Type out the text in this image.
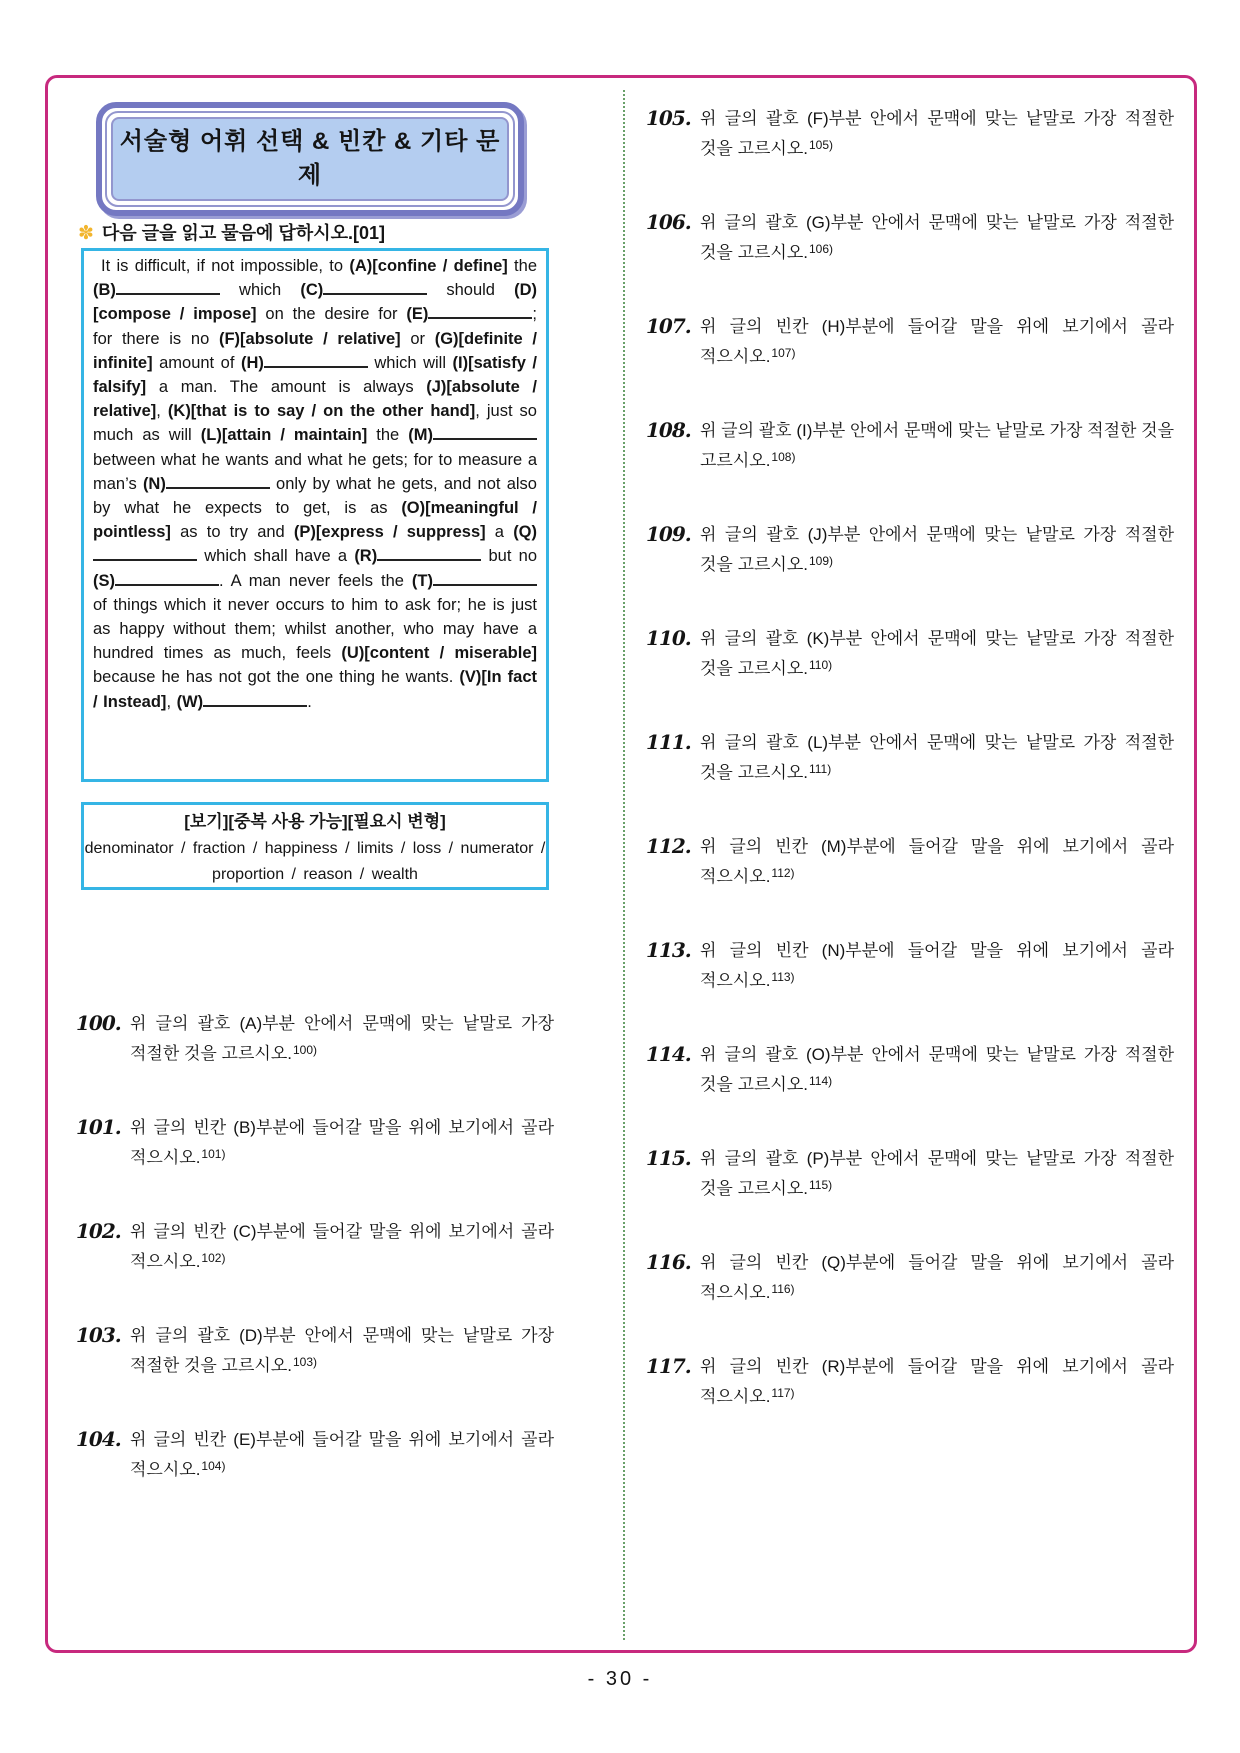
서술형 어휘 선택 & 빈칸 & 기타 문제
✽ 다음 글을 읽고 물음에 답하시오.[01]
It is difficult, if not impossible, to (A)[confine / define] the (B)	which (C)	should (D)[compose / impose] on the desire for (E)	; for there is no (F)[absolute / relative] or (G)[definite / infinite] amount of (H)	which will (I)[satisfy / falsify] a man. The amount is always (J)[absolute / relative], (K)[that is to say / on the other hand], just so much as will (L)[attain / maintain] the (M) between what he wants and what he gets; for to measure a man’s (N)	only by what he gets, and not also by what he expects to get, is as (O)[meaningful / pointless] as to try and (P)[express / suppress] a (Q) which shall have a (R)	but no (S)	. A man never feels the (T) of things which it never occurs to him to ask for; he is just as happy without them; whilst another, who may have a hundred times as much, feels (U)[content / miserable] because he has not got the one thing he wants. (V)[In fact / Instead], (W)	.
[보기][중복 사용 가능][필요시 변형]
denominator / fraction / happiness / limits / loss / numerator / proportion / reason / wealth
100. 위 글의 괄호 (A)부분 안에서 문맥에 맞는 낱말로 가장 적절한 것을 고르시오.$^{100)}$
101. 위 글의 빈칸 (B)부분에 들어갈 말을 위에 보기에서 골라 적으시오.$^{101)}$
102. 위 글의 빈칸 (C)부분에 들어갈 말을 위에 보기에서 골라 적으시오.$^{102)}$
103. 위 글의 괄호 (D)부분 안에서 문맥에 맞는 낱말로 가장 적절한 것을 고르시오.$^{103)}$
104. 위 글의 빈칸 (E)부분에 들어갈 말을 위에 보기에서 골라 적으시오.$^{104)}$
105. 위 글의 괄호 (F)부분 안에서 문맥에 맞는 낱말로 가장 적절한 것을 고르시오.$^{105)}$
106. 위 글의 괄호 (G)부분 안에서 문맥에 맞는 낱말로 가장 적절한 것을 고르시오.$^{106)}$
107. 위 글의 빈칸 (H)부분에 들어갈 말을 위에 보기에서 골라 적으시오.$^{107)}$
108. 위 글의 괄호 (I)부분 안에서 문맥에 맞는 낱말로 가장 적절한 것을 고르시오.$^{108)}$
109. 위 글의 괄호 (J)부분 안에서 문맥에 맞는 낱말로 가장 적절한 것을 고르시오.$^{109)}$
110. 위 글의 괄호 (K)부분 안에서 문맥에 맞는 낱말로 가장 적절한 것을 고르시오.$^{110)}$
111. 위 글의 괄호 (L)부분 안에서 문맥에 맞는 낱말로 가장 적절한 것을 고르시오.$^{111)}$
112. 위 글의 빈칸 (M)부분에 들어갈 말을 위에 보기에서 골라 적으시오.$^{112)}$
113. 위 글의 빈칸 (N)부분에 들어갈 말을 위에 보기에서 골라 적으시오.$^{113)}$
114. 위 글의 괄호 (O)부분 안에서 문맥에 맞는 낱말로 가장 적절한 것을 고르시오.$^{114)}$
115. 위 글의 괄호 (P)부분 안에서 문맥에 맞는 낱말로 가장 적절한 것을 고르시오.$^{115)}$
116. 위 글의 빈칸 (Q)부분에 들어갈 말을 위에 보기에서 골라 적으시오.$^{116)}$
117. 위 글의 빈칸 (R)부분에 들어갈 말을 위에 보기에서 골라 적으시오.$^{117)}$
- 30 -
